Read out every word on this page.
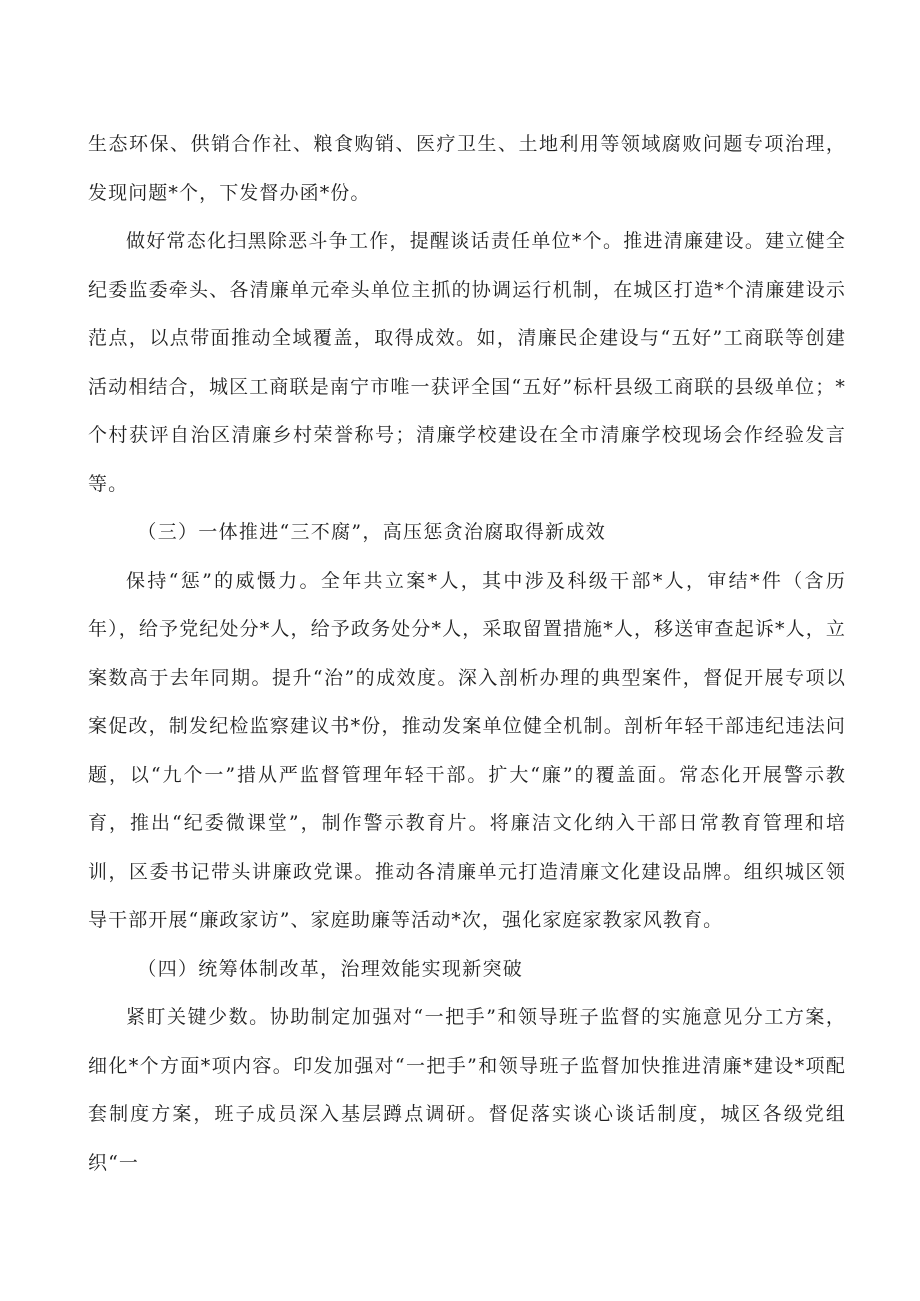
生态环保、供销合作社、粮食购销、医疗卫生、土地利用等领域腐败问题专项治理，发现问题*个，下发督办函*份。

做好常态化扫黑除恶斗争工作，提醒谈话责任单位*个。推进清廉建设。建立健全纪委监委牵头、各清廉单元牵头单位主抓的协调运行机制，在城区打造*个清廉建设示范点，以点带面推动全域覆盖，取得成效。如，清廉民企建设与“五好”工商联等创建活动相结合，城区工商联是南宁市唯一获评全国“五好”标杆县级工商联的县级单位；*个村获评自治区清廉乡村荣誉称号；清廉学校建设在全市清廉学校现场会作经验发言等。

（三）一体推进“三不腐”，高压惩贪治腐取得新成效

保持“惩”的威慑力。全年共立案*人，其中涉及科级干部*人，审结*件（含历年），给予党纪处分*人，给予政务处分*人，采取留置措施*人，移送审查起诉*人，立案数高于去年同期。提升“治”的成效度。深入剖析办理的典型案件，督促开展专项以案促改，制发纪检监察建议书*份，推动发案单位健全机制。剖析年轻干部违纪违法问题，以“九个一”措从严监督管理年轻干部。扩大“廉”的覆盖面。常态化开展警示教育，推出“纪委微课堂”，制作警示教育片。将廉洁文化纳入干部日常教育管理和培训，区委书记带头讲廉政党课。推动各清廉单元打造清廉文化建设品牌。组织城区领导干部开展“廉政家访”、家庭助廉等活动*次，强化家庭家教家风教育。

（四）统筹体制改革，治理效能实现新突破

紧盯关键少数。协助制定加强对“一把手”和领导班子监督的实施意见分工方案，细化*个方面*项内容。印发加强对“一把手”和领导班子监督加快推进清廉*建设*项配套制度方案，班子成员深入基层蹲点调研。督促落实谈心谈话制度，城区各级党组织“一
